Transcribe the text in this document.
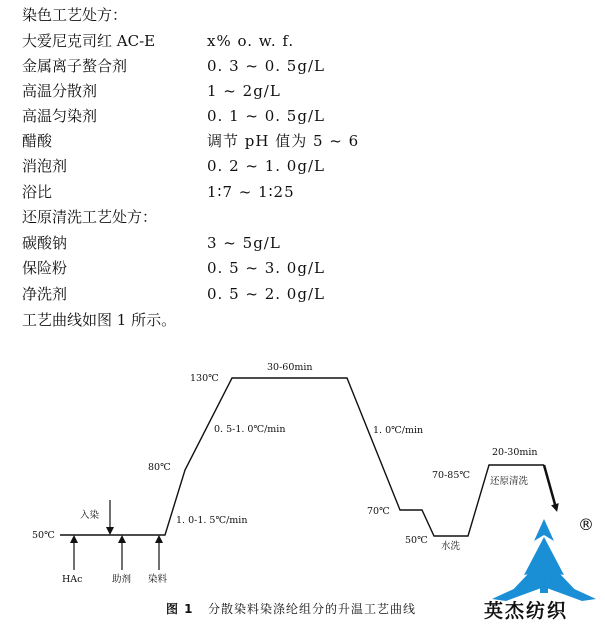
染色工艺处方：
大爱尼克司红 AC-E	x% o. w. f.
金属离子螯合剂	0. 3 ~ 0. 5g/L
高温分散剂	1 ~ 2g/L
高温匀染剂	0. 1 ~ 0. 5g/L
醋酸	调节 pH 值为 5 ~ 6
消泡剂	0. 2 ~ 1. 0g/L
浴比	1∶7 ~ 1∶25
还原清洗工艺处方：
碳酸钠	3 ~ 5g/L
保险粉	0. 5 ~ 3. 0g/L
净洗剂	0. 5 ~ 2. 0g/L
工艺曲线如图 1 所示。
50℃
80℃
130℃
70℃
50℃
70-85℃
1. 0-1. 5℃/min
0. 5-1. 0℃/min	1. 0℃/min
30-60min
20-30min
入染
HAc	助剂 染料
水洗
还原清洗
图 1 分散染料染涤纶组分的升温工艺曲线
®
英杰纺织
